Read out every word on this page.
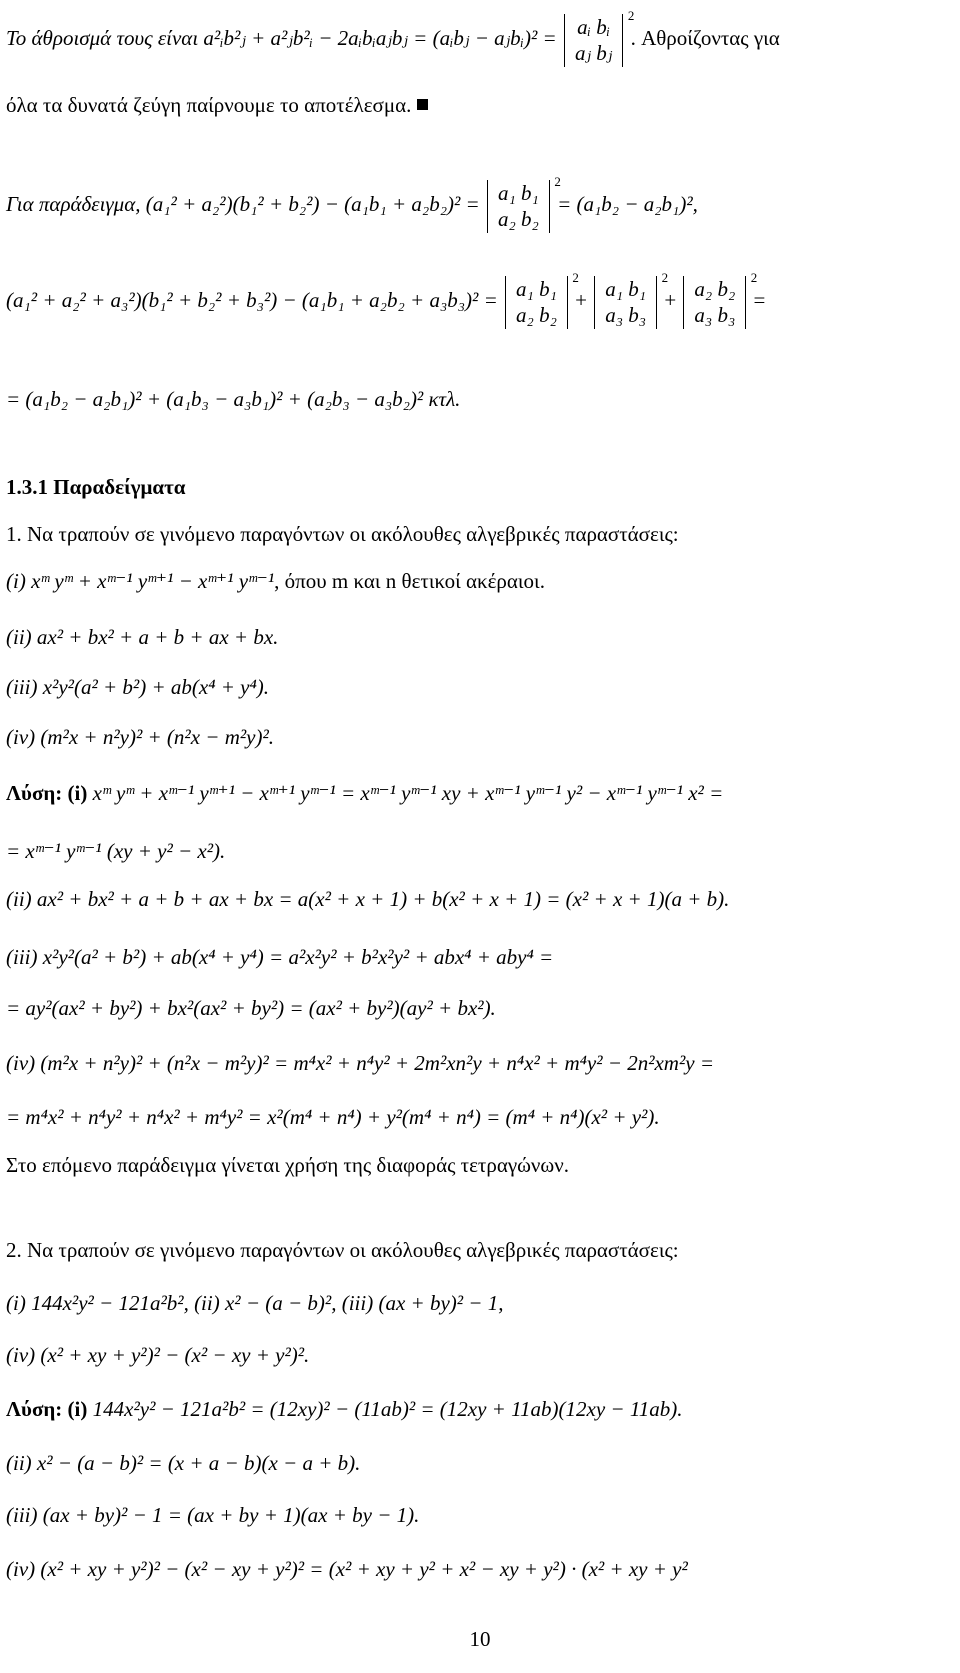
Το άθροισμά τους είναι a²ᵢb²ⱼ + a²ⱼb²ᵢ − 2aᵢbᵢaⱼbⱼ = (aᵢbⱼ − aⱼbᵢ)² = aᵢ bᵢ
aⱼ bⱼ
2
. Αθροίζοντας για
όλα τα δυνατά ζεύγη παίρνουμε το αποτέλεσμα.
Για παράδειγμα, (a₁² + a₂²)(b₁² + b₂²) − (a₁b₁ + a₂b₂)² = a₁ b₁
a₂ b₂
2
= (a₁b₂ − a₂b₁)²,
(a₁² + a₂² + a₃²)(b₁² + b₂² + b₃²) − (a₁b₁ + a₂b₂ + a₃b₃)² = a₁ b₁
a₂ b₂
2
+ a₁ b₁
a₃ b₃
2
+ a₂ b₂
a₃ b₃
2
=
= (a₁b₂ − a₂b₁)² + (a₁b₃ − a₃b₁)² + (a₂b₃ − a₃b₂)² κτλ.
1.3.1 Παραδείγματα
1. Να τραπούν σε γινόμενο παραγόντων οι ακόλουθες αλγεβρικές παραστάσεις:
(i) xᵐ yᵐ + xᵐ⁻¹ yᵐ⁺¹ − xᵐ⁺¹ yᵐ⁻¹, όπου m και n θετικοί ακέραιοι.
(ii) ax² + bx² + a + b + ax + bx.
(iii) x²y²(a² + b²) + ab(x⁴ + y⁴).
(iv) (m²x + n²y)² + (n²x − m²y)².
Λύση: (i) xᵐ yᵐ + xᵐ⁻¹ yᵐ⁺¹ − xᵐ⁺¹ yᵐ⁻¹ = xᵐ⁻¹ yᵐ⁻¹ xy + xᵐ⁻¹ yᵐ⁻¹ y² − xᵐ⁻¹ yᵐ⁻¹ x² =
= xᵐ⁻¹ yᵐ⁻¹ (xy + y² − x²).
(ii) ax² + bx² + a + b + ax + bx = a(x² + x + 1) + b(x² + x + 1) = (x² + x + 1)(a + b).
(iii) x²y²(a² + b²) + ab(x⁴ + y⁴) = a²x²y² + b²x²y² + abx⁴ + aby⁴ =
= ay²(ax² + by²) + bx²(ax² + by²) = (ax² + by²)(ay² + bx²).
(iv) (m²x + n²y)² + (n²x − m²y)² = m⁴x² + n⁴y² + 2m²xn²y + n⁴x² + m⁴y² − 2n²xm²y =
= m⁴x² + n⁴y² + n⁴x² + m⁴y² = x²(m⁴ + n⁴) + y²(m⁴ + n⁴) = (m⁴ + n⁴)(x² + y²).
Στο επόμενο παράδειγμα γίνεται χρήση της διαφοράς τετραγώνων.
2. Να τραπούν σε γινόμενο παραγόντων οι ακόλουθες αλγεβρικές παραστάσεις:
(i) 144x²y² − 121a²b², (ii) x² − (a − b)², (iii) (ax + by)² − 1,
(iv) (x² + xy + y²)² − (x² − xy + y²)².
Λύση: (i) 144x²y² − 121a²b² = (12xy)² − (11ab)² = (12xy + 11ab)(12xy − 11ab).
(ii) x² − (a − b)² = (x + a − b)(x − a + b).
(iii) (ax + by)² − 1 = (ax + by + 1)(ax + by − 1).
(iv) (x² + xy + y²)² − (x² − xy + y²)² = (x² + xy + y² + x² − xy + y²) · (x² + xy + y²
10
